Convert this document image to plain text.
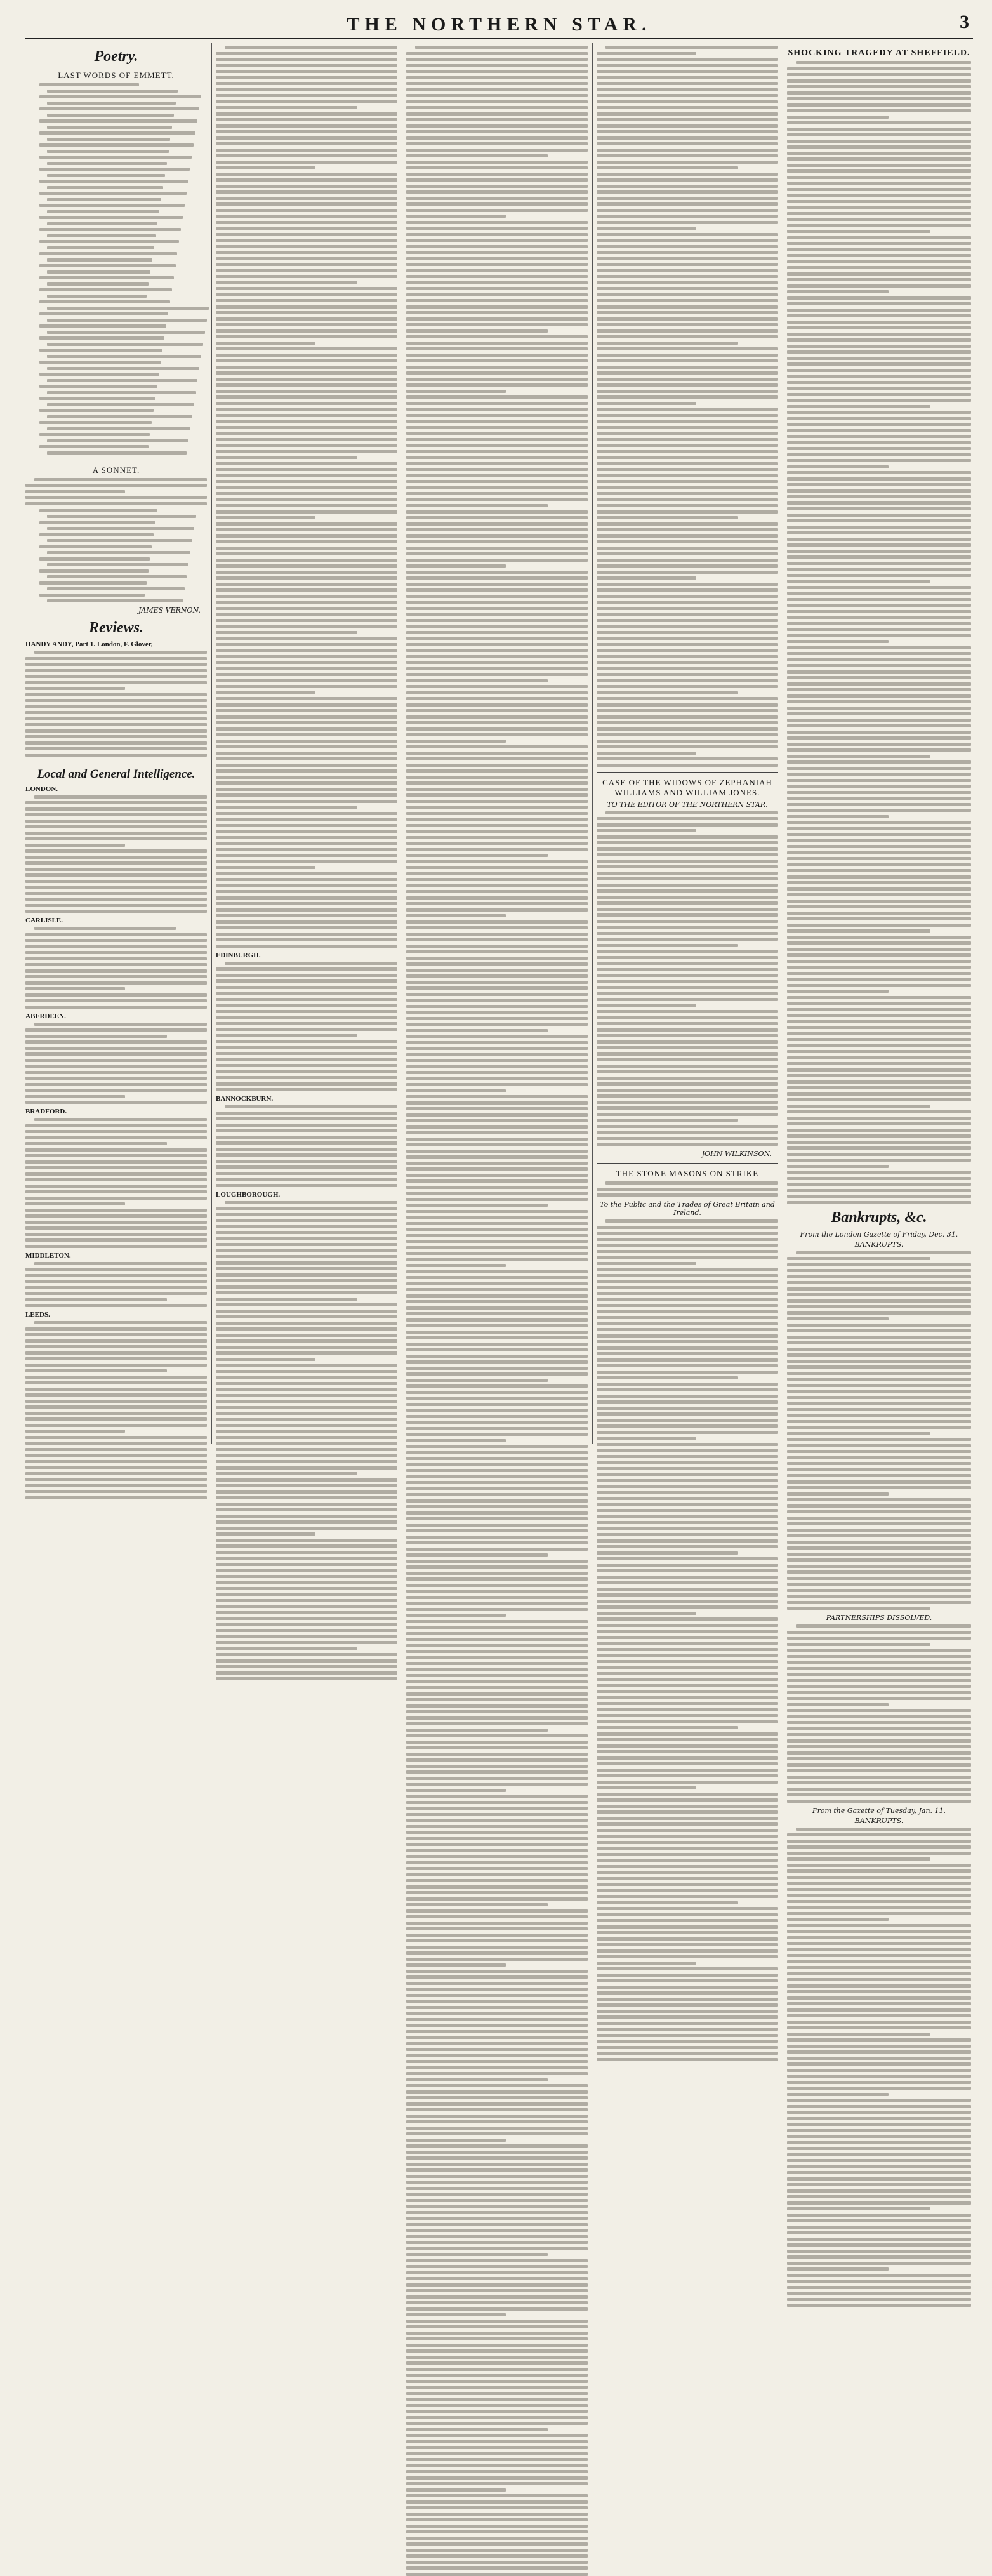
THE NORTHERN STAR.	3
Poetry.
LAST WORDS OF EMMETT.
A SONNET.
JAMES VERNON.
Reviews.
HANDY ANDY, Part 1. London, F. Glover,
Local and General Intelligence.
LONDON.
CARLISLE.
ABERDEEN.
BRADFORD.
MIDDLETON.
LEEDS.
EDINBURGH.
BANNOCKBURN.
LOUGHBOROUGH.
CASE OF THE WIDOWS OF ZEPHANIAH WILLIAMS AND WILLIAM JONES.
TO THE EDITOR OF THE NORTHERN STAR.
JOHN WILKINSON.
THE STONE MASONS ON STRIKE
To the Public and the Trades of Great Britain and Ireland.
SHOCKING TRAGEDY AT SHEFFIELD.
Bankrupts, &c.
From the London Gazette of Friday, Dec. 31.
BANKRUPTS.
PARTNERSHIPS DISSOLVED.
From the Gazette of Tuesday, Jan. 11.
BANKRUPTS.
